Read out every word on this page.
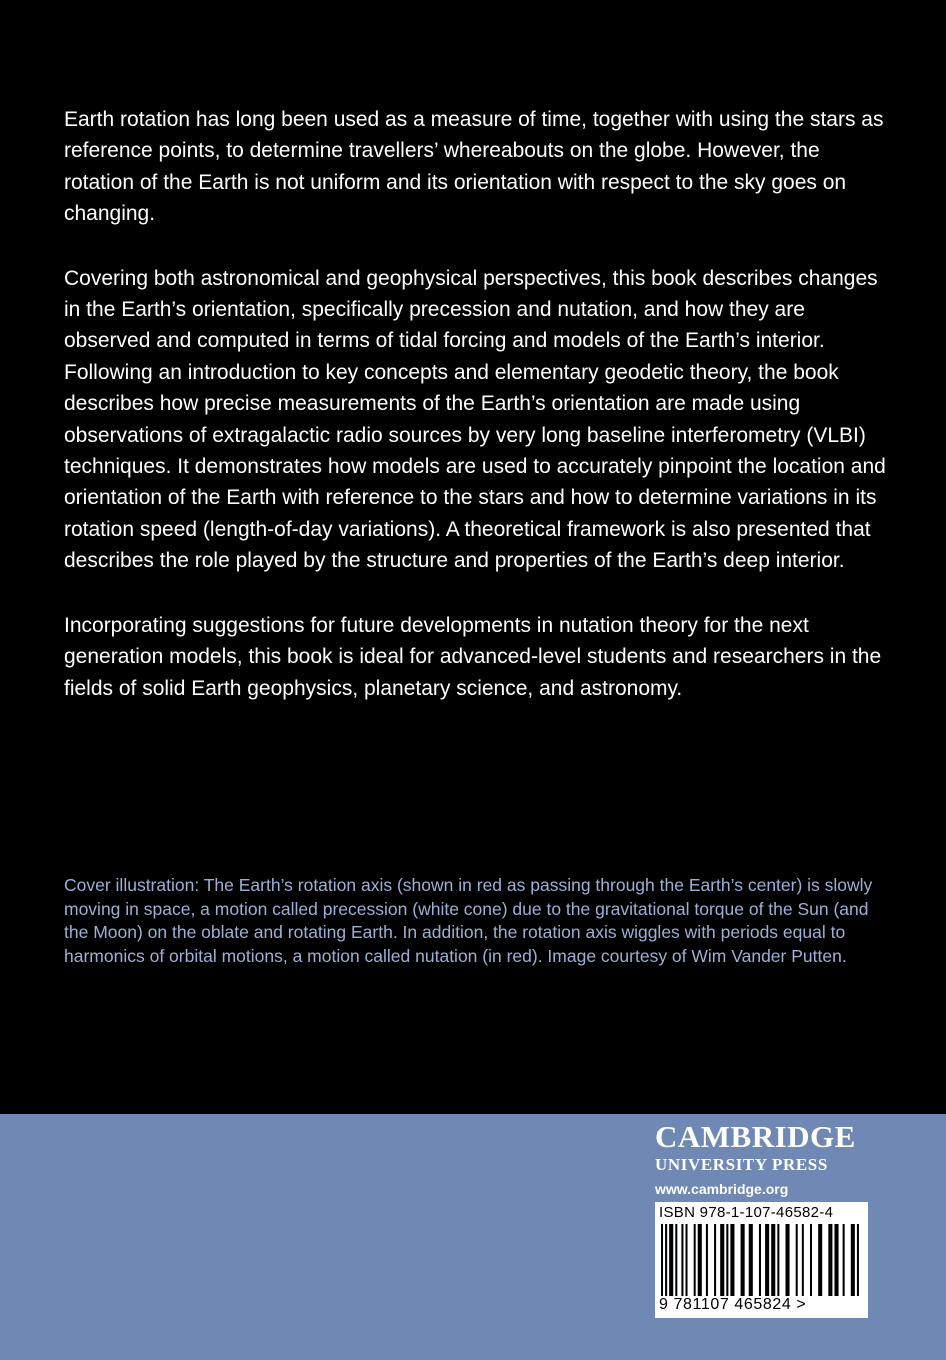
Earth rotation has long been used as a measure of time, together with using the stars as reference points, to determine travellers’ whereabouts on the globe. However, the rotation of the Earth is not uniform and its orientation with respect to the sky goes on changing.

Covering both astronomical and geophysical perspectives, this book describes changes in the Earth’s orientation, specifically precession and nutation, and how they are observed and computed in terms of tidal forcing and models of the Earth’s interior. Following an introduction to key concepts and elementary geodetic theory, the book describes how precise measurements of the Earth’s orientation are made using observations of extragalactic radio sources by very long baseline interferometry (VLBI) techniques. It demonstrates how models are used to accurately pinpoint the location and orientation of the Earth with reference to the stars and how to determine variations in its rotation speed (length-of-day variations). A theoretical framework is also presented that describes the role played by the structure and properties of the Earth’s deep interior.

Incorporating suggestions for future developments in nutation theory for the next generation models, this book is ideal for advanced-level students and researchers in the fields of solid Earth geophysics, planetary science, and astronomy.

Cover illustration: The Earth’s rotation axis (shown in red as passing through the Earth’s center) is slowly moving in space, a motion called precession (white cone) due to the gravitational torque of the Sun (and the Moon) on the oblate and rotating Earth. In addition, the rotation axis wiggles with periods equal to harmonics of orbital motions, a motion called nutation (in red). Image courtesy of Wim Vander Putten.

CAMBRIDGE
UNIVERSITY PRESS
www.cambridge.org
ISBN 978-1-107-46582-4
9 781107 465824 >
